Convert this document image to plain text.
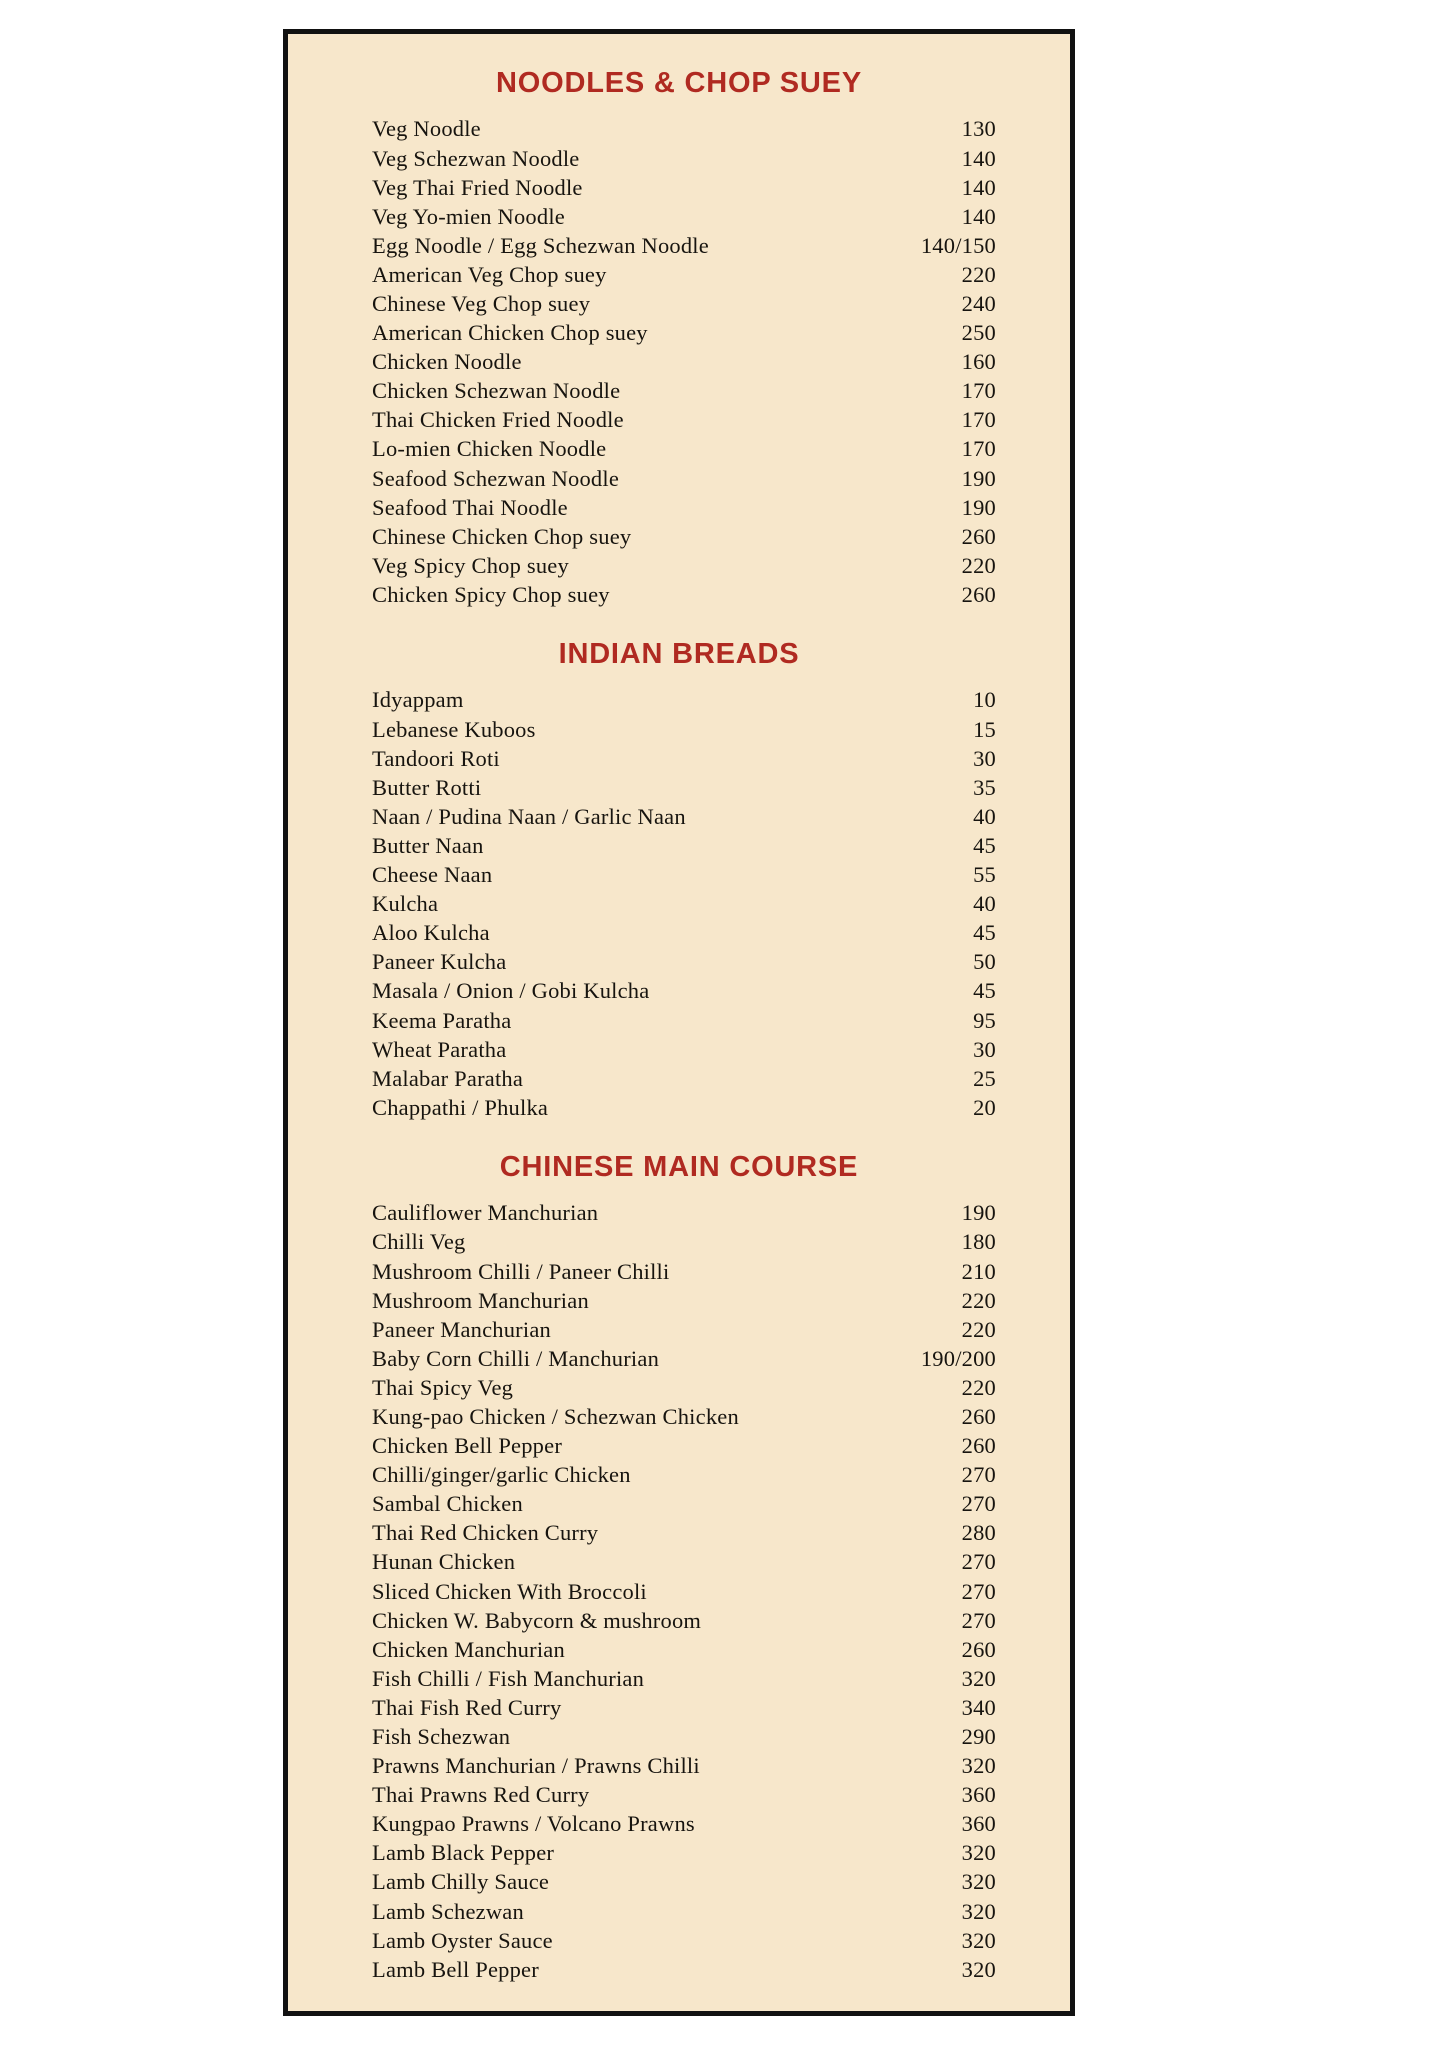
NOODLES & CHOP SUEY
Veg Noodle	130
Veg Schezwan Noodle	140
Veg Thai Fried Noodle	140
Veg Yo-mien Noodle	140
Egg Noodle / Egg Schezwan Noodle	140/150
American Veg Chop suey	220
Chinese Veg Chop suey	240
American Chicken Chop suey	250
Chicken Noodle	160
Chicken Schezwan Noodle	170
Thai Chicken Fried Noodle	170
Lo-mien Chicken Noodle	170
Seafood Schezwan Noodle	190
Seafood Thai Noodle	190
Chinese Chicken Chop suey	260
Veg Spicy Chop suey	220
Chicken Spicy Chop suey	260
INDIAN BREADS
Idyappam	10
Lebanese Kuboos	15
Tandoori Roti	30
Butter Rotti	35
Naan / Pudina Naan / Garlic Naan	40
Butter Naan	45
Cheese Naan	55
Kulcha	40
Aloo Kulcha	45
Paneer Kulcha	50
Masala / Onion / Gobi Kulcha	45
Keema Paratha	95
Wheat Paratha	30
Malabar Paratha	25
Chappathi / Phulka	20
CHINESE MAIN COURSE
Cauliflower Manchurian	190
Chilli Veg	180
Mushroom Chilli / Paneer Chilli	210
Mushroom Manchurian	220
Paneer Manchurian	220
Baby Corn Chilli / Manchurian	190/200
Thai Spicy Veg	220
Kung-pao Chicken / Schezwan Chicken	260
Chicken Bell Pepper	260
Chilli/ginger/garlic Chicken	270
Sambal Chicken	270
Thai Red Chicken Curry	280
Hunan Chicken	270
Sliced Chicken With Broccoli	270
Chicken W. Babycorn & mushroom	270
Chicken Manchurian	260
Fish Chilli / Fish Manchurian	320
Thai Fish Red Curry	340
Fish Schezwan	290
Prawns Manchurian / Prawns Chilli	320
Thai Prawns Red Curry	360
Kungpao Prawns / Volcano Prawns	360
Lamb Black Pepper	320
Lamb Chilly Sauce	320
Lamb Schezwan	320
Lamb Oyster Sauce	320
Lamb Bell Pepper	320
